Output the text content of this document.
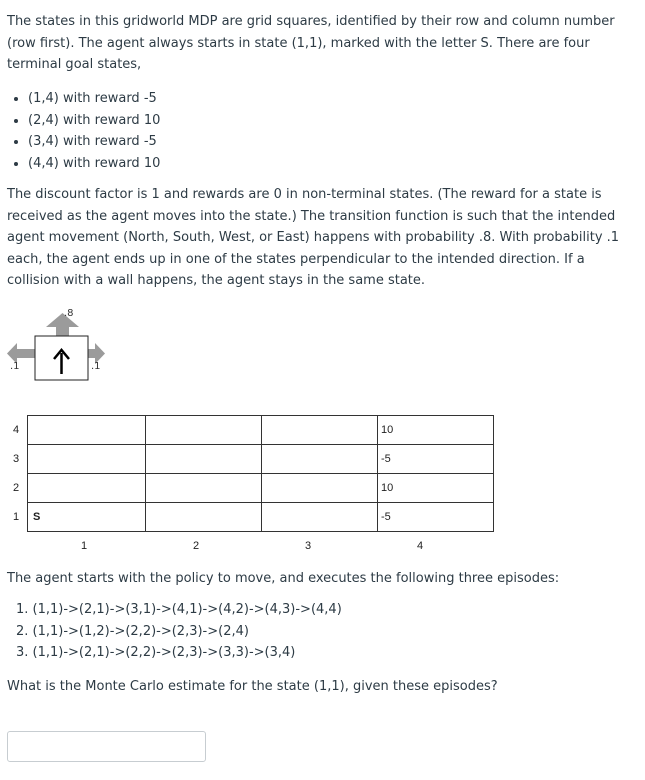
The states in this gridworld MDP are grid squares, identified by their row and column number (row first). The agent always starts in state (1,1), marked with the letter S. There are four terminal goal states,

• (1,4) with reward -5
• (2,4) with reward 10
• (3,4) with reward -5
• (4,4) with reward 10

The discount factor is 1 and rewards are 0 in non-terminal states. (The reward for a state is received as the agent moves into the state.) The transition function is such that the intended agent movement (North, South, West, or East) happens with probability .8. With probability .1 each, the agent ends up in one of the states perpendicular to the intended direction. If a collision with a wall happens, the agent stays in the same state.

.8
.1	.1
4
3
2
1
			10
			-5
			10
S			-5
1	2	3	4

The agent starts with the policy to move, and executes the following three episodes:

1. (1,1)->(2,1)->(3,1)->(4,1)->(4,2)->(4,3)->(4,4)
2. (1,1)->(1,2)->(2,2)->(2,3)->(2,4)
3. (1,1)->(2,1)->(2,2)->(2,3)->(3,3)->(3,4)

What is the Monte Carlo estimate for the state (1,1), given these episodes?
